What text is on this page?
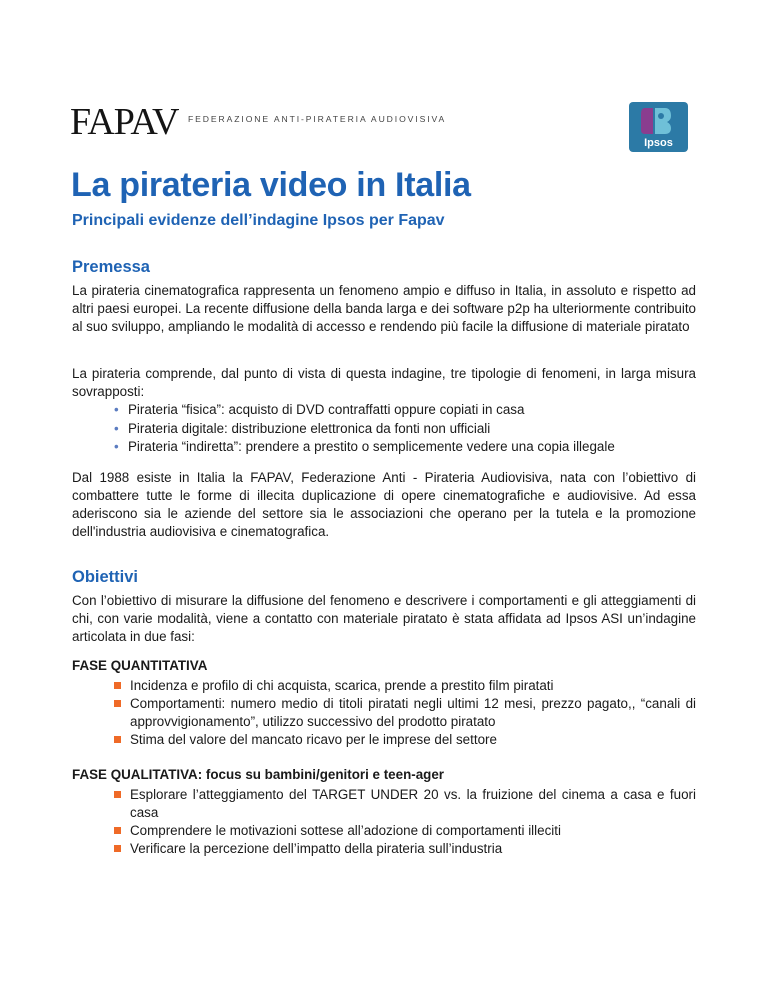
FAPAV FEDERAZIONE ANTI-PIRATERIA AUDIOVISIVA
Ipsos
La pirateria video in Italia
Principali evidenze dell’indagine Ipsos per Fapav
Premessa

La pirateria cinematografica rappresenta un fenomeno ampio e diffuso in Italia, in assoluto e rispetto ad altri paesi europei. La recente diffusione della banda larga e dei software p2p ha ulteriormente contribuito al suo sviluppo, ampliando le modalità di accesso e rendendo più facile la diffusione di materiale piratato

La pirateria comprende, dal punto di vista di questa indagine, tre tipologie di fenomeni, in larga misura sovrapposti:

• Pirateria “fisica”: acquisto di DVD contraffatti oppure copiati in casa
• Pirateria digitale: distribuzione elettronica da fonti non ufficiali
• Pirateria “indiretta”: prendere a prestito o semplicemente vedere una copia illegale

Dal 1988 esiste in Italia la FAPAV, Federazione Anti - Pirateria Audiovisiva, nata con l’obiettivo di combattere tutte le forme di illecita duplicazione di opere cinematografiche e audiovisive. Ad essa aderiscono sia le aziende del settore sia le associazioni che operano per la tutela e la promozione dell'industria audiovisiva e cinematografica.

Obiettivi

Con l’obiettivo di misurare la diffusione del fenomeno e descrivere i comportamenti e gli atteggiamenti di chi, con varie modalità, viene a contatto con materiale piratato è stata affidata ad Ipsos ASI un’indagine articolata in due fasi:

FASE QUANTITATIVA
Incidenza e profilo di chi acquista, scarica, prende a prestito film piratati
Comportamenti: numero medio di titoli piratati negli ultimi 12 mesi, prezzo pagato,, “canali di approvvigionamento”, utilizzo successivo del prodotto piratato
Stima del valore del mancato ricavo per le imprese del settore
FASE QUALITATIVA: focus su bambini/genitori e teen-ager
Esplorare l’atteggiamento del TARGET UNDER 20 vs. la fruizione del cinema a casa e fuori casa
Comprendere le motivazioni sottese all’adozione di comportamenti illeciti
Verificare la percezione dell’impatto della pirateria sull’industria
